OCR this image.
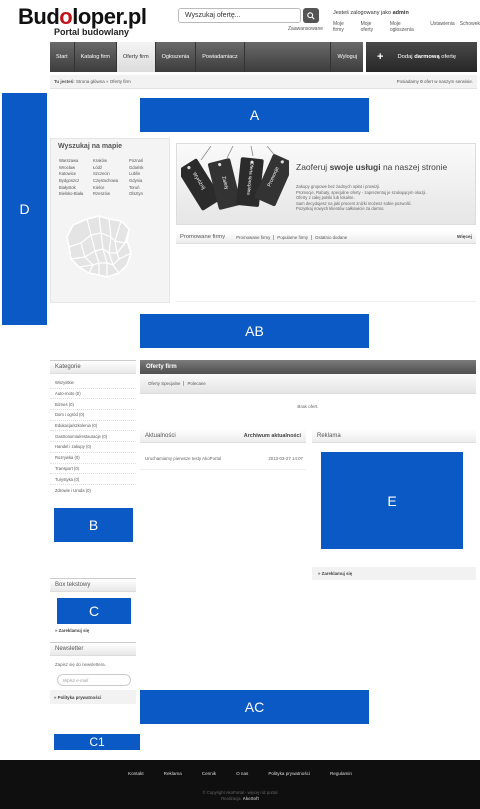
Budoloper.pl
Portal budowlany
Wyszukaj ofertę...
Zaawansowane
Jesteś zalogowany jako admin
Moje firmy
Moje oferty
Moje ogłoszenia
Ustawienia Schowek
Start	Katalog firm	Oferty firm	Ogłoszenia	Powiadamiacz	Wyloguj	+ Dodaj darmową ofertę
Tu jesteś:
Strona główna » Oferty firm	Posiadamy 0 ofert w naszym serwisie.
A
D
AB
Wyszukaj na mapie
Warszawa	Kraków	Poznań
Wrocław	Łódź	Gdańsk
Katowice	Szczecin	Lublin
Bydgoszcz	Częstochowa	Gdynia
Białystok	Kielce	Toruń
Bielsko-Biała	Rzeszów	Olsztyn
Wyróżnij	Zalety	Oferta specjalna Promocje Zaoferuj swoje usługi na naszej stronie
Zakupy grupowe bez żadnych opłat i prowizji.
Promocje, Rabaty, specjalne oferty - zaprezentuj je szukającym okazji.
Oferty z całej polski lub lokalne.
Sam decydujesz na jaki procent zniżki możesz sobie pozwolić.
Pozyskaj nowych klientów całkowicie za darmo.
Promowane firmy	Promowane firmy	Popularne firmy	Ostatnio dodane	Więcej
Kategorie
Wszystkie
Auto-moto (0)
Biznes (0)
Dom i ogród (0)
Edukacja/szkolenia (0)
Gastronomia/restauracje (0)
Handel i zakupy (0)
Rozrywka (0)
Transport (0)
Turystyka (0)
Zdrowie i Uroda (0)
B
Box tekstowy
C
» Zareklamuj się
Newsletter
Zapisz się do newslettera.
Wpisz e-mail
» Polityka prywatności
Oferty firm
Oferty Specjalne	Polecane
Brak ofert.
Aktualności	Archiwum aktualności
Uruchamiamy pierwsze testy AkoPortal	2013-03-27 14:07
Reklama
E
» Zareklamuj się
AC
C1
Kontakt	Reklama	Cennik	O nas	Polityka prywatności	Regulamin
© Copyright AkoPortal - więcej niż portal
Realizacja: AkoSoft
